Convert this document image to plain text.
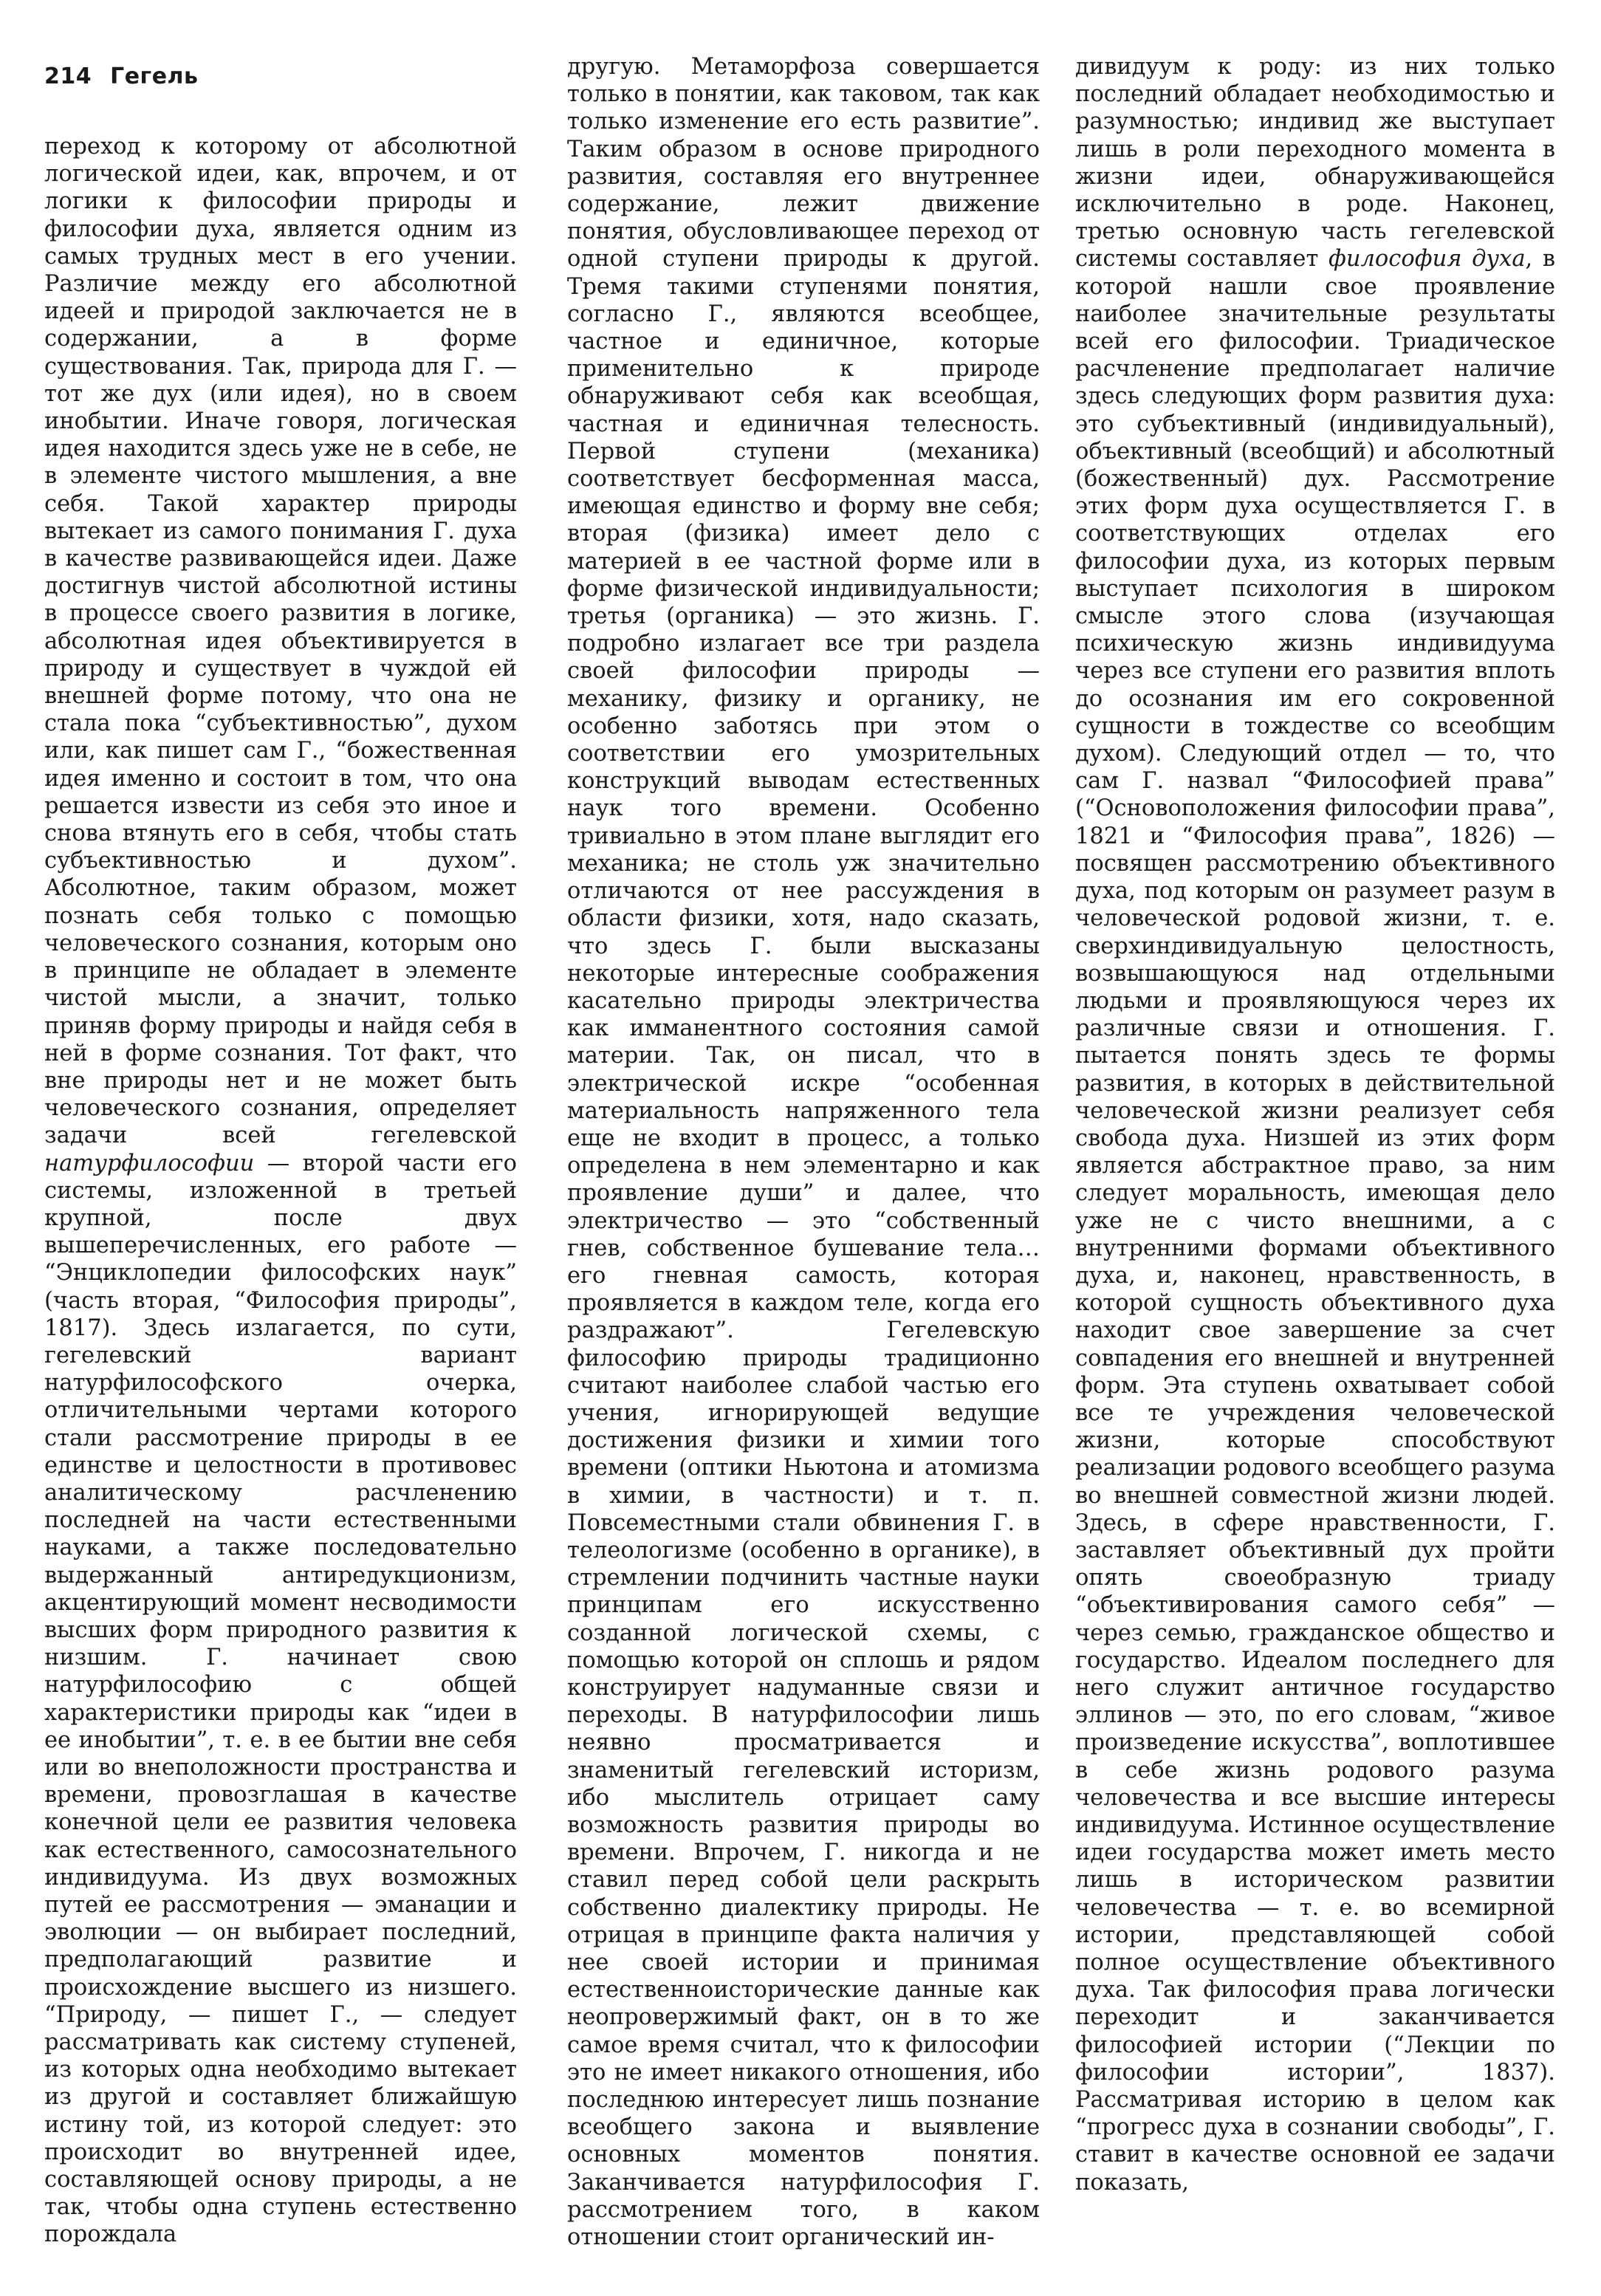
214 Гегель

переход к которому от абсолютной логической идеи, как, впрочем, и от логики к философии природы и философии духа, является одним из самых трудных мест в его учении. Различие между его абсолютной идеей и природой заключается не в содержании, а в форме существования. Так, природа для Г. — тот же дух (или идея), но в своем инобытии. Иначе говоря, логическая идея находится здесь уже не в себе, не в элементе чистого мышления, а вне себя. Такой характер природы вытекает из самого понимания Г. духа в качестве развивающейся идеи. Даже достигнув чистой абсолютной истины в процессе своего развития в логике, абсолютная идея объективируется в природу и существует в чуждой ей внешней форме потому, что она не стала пока “субъективностью”, духом или, как пишет сам Г., “божественная идея именно и состоит в том, что она решается извести из себя это иное и снова втянуть его в себя, чтобы стать субъективностью и духом”. Абсолютное, таким образом, может познать себя только с помощью человеческого сознания, которым оно в принципе не обладает в элементе чистой мысли, а значит, только приняв форму природы и найдя себя в ней в форме сознания. Тот факт, что вне природы нет и не может быть человеческого сознания, определяет задачи всей гегелевской натурфилософии — второй части его системы, изложенной в третьей крупной, после двух вышеперечисленных, его работе — “Энциклопедии философских наук” (часть вторая, “Философия природы”, 1817). Здесь излагается, по сути, гегелевский вариант натурфилософского очерка, отличительными чертами которого стали рассмотрение природы в ее единстве и целостности в противовес аналитическому расчленению последней на части естественными науками, а также последовательно выдержанный антиредукционизм, акцентирующий момент несводимости высших форм природного развития к низшим. Г. начинает свою натурфилософию с общей характеристики природы как “идеи в ее инобытии”, т. е. в ее бытии вне себя или во внеположности пространства и времени, провозглашая в качестве конечной цели ее развития человека как естественного, самосознательного индивидуума. Из двух возможных путей ее рассмотрения — эманации и эволюции — он выбирает последний, предполагающий развитие и происхождение высшего из низшего. “Природу, — пишет Г., — следует рассматривать как систему ступеней, из которых одна необходимо вытекает из другой и составляет ближайшую истину той, из которой следует: это происходит во внутренней идее, составляющей основу природы, а не так, чтобы одна ступень естественно порождала

другую. Метаморфоза совершается только в понятии, как таковом, так как только изменение его есть развитие”. Таким образом в основе природного развития, составляя его внутреннее содержание, лежит движение понятия, обусловливающее переход от одной ступени природы к другой. Тремя такими ступенями понятия, согласно Г., являются всеобщее, частное и единичное, которые применительно к природе обнаруживают себя как всеобщая, частная и единичная телесность. Первой ступени (механика) соответствует бесформенная масса, имеющая единство и форму вне себя; вторая (физика) имеет дело с материей в ее частной форме или в форме физической индивидуальности; третья (органика) — это жизнь. Г. подробно излагает все три раздела своей философии природы — механику, физику и органику, не особенно заботясь при этом о соответствии его умозрительных конструкций выводам естественных наук того времени. Особенно тривиально в этом плане выглядит его механика; не столь уж значительно отличаются от нее рассуждения в области физики, хотя, надо сказать, что здесь Г. были высказаны некоторые интересные соображения касательно природы электричества как имманентного состояния самой материи. Так, он писал, что в электрической искре “особенная материальность напряженного тела еще не входит в процесс, а только определена в нем элементарно и как проявление души” и далее, что электричество — это “собственный гнев, собственное бушевание тела… его гневная самость, которая проявляется в каждом теле, когда его раздражают”. Гегелевскую философию природы традиционно считают наиболее слабой частью его учения, игнорирующей ведущие достижения физики и химии того времени (оптики Ньютона и атомизма в химии, в частности) и т. п. Повсеместными стали обвинения Г. в телеологизме (особенно в органике), в стремлении подчинить частные науки принципам его искусственно созданной логической схемы, с помощью которой он сплошь и рядом конструирует надуманные связи и переходы. В натурфилософии лишь неявно просматривается и знаменитый гегелевский историзм, ибо мыслитель отрицает саму возможность развития природы во времени. Впрочем, Г. никогда и не ставил перед собой цели раскрыть собственно диалектику природы. Не отрицая в принципе факта наличия у нее своей истории и принимая естественноисторические данные как неопровержимый факт, он в то же самое время считал, что к философии это не имеет никакого отношения, ибо последнюю интересует лишь познание всеобщего закона и выявление основных моментов понятия. Заканчивается натурфилософия Г. рассмотрением того, в каком отношении стоит органический ин-

дивидуум к роду: из них только последний обладает необходимостью и разумностью; индивид же выступает лишь в роли переходного момента в жизни идеи, обнаруживающейся исключительно в роде. Наконец, третью основную часть гегелевской системы составляет философия духа, в которой нашли свое проявление наиболее значительные результаты всей его философии. Триадическое расчленение предполагает наличие здесь следующих форм развития духа: это субъективный (индивидуальный), объективный (всеобщий) и абсолютный (божественный) дух. Рассмотрение этих форм духа осуществляется Г. в соответствующих отделах его философии духа, из которых первым выступает психология в широком смысле этого слова (изучающая психическую жизнь индивидуума через все ступени его развития вплоть до осознания им его сокровенной сущности в тождестве со всеобщим духом). Следующий отдел — то, что сам Г. назвал “Философией права” (“Основоположения философии права”, 1821 и “Философия права”, 1826) — посвящен рассмотрению объективного духа, под которым он разумеет разум в человеческой родовой жизни, т. е. сверхиндивидуальную целостность, возвышающуюся над отдельными людьми и проявляющуюся через их различные связи и отношения. Г. пытается понять здесь те формы развития, в которых в действительной человеческой жизни реализует себя свобода духа. Низшей из этих форм является абстрактное право, за ним следует моральность, имеющая дело уже не с чисто внешними, а с внутренними формами объективного духа, и, наконец, нравственность, в которой сущность объективного духа находит свое завершение за счет совпадения его внешней и внутренней форм. Эта ступень охватывает собой все те учреждения человеческой жизни, которые способствуют реализации родового всеобщего разума во внешней совместной жизни людей. Здесь, в сфере нравственности, Г. заставляет объективный дух пройти опять своеобразную триаду “объективирования самого себя” — через семью, гражданское общество и государство. Идеалом последнего для него служит античное государство эллинов — это, по его словам, “живое произведение искусства”, воплотившее в себе жизнь родового разума человечества и все высшие интересы индивидуума. Истинное осуществление идеи государства может иметь место лишь в историческом развитии человечества — т. е. во всемирной истории, представляющей собой полное осуществление объективного духа. Так философия права логически переходит и заканчивается философией истории (“Лекции по философии истории”, 1837). Рассматривая историю в целом как “прогресс духа в сознании свободы”, Г. ставит в качестве основной ее задачи показать,
